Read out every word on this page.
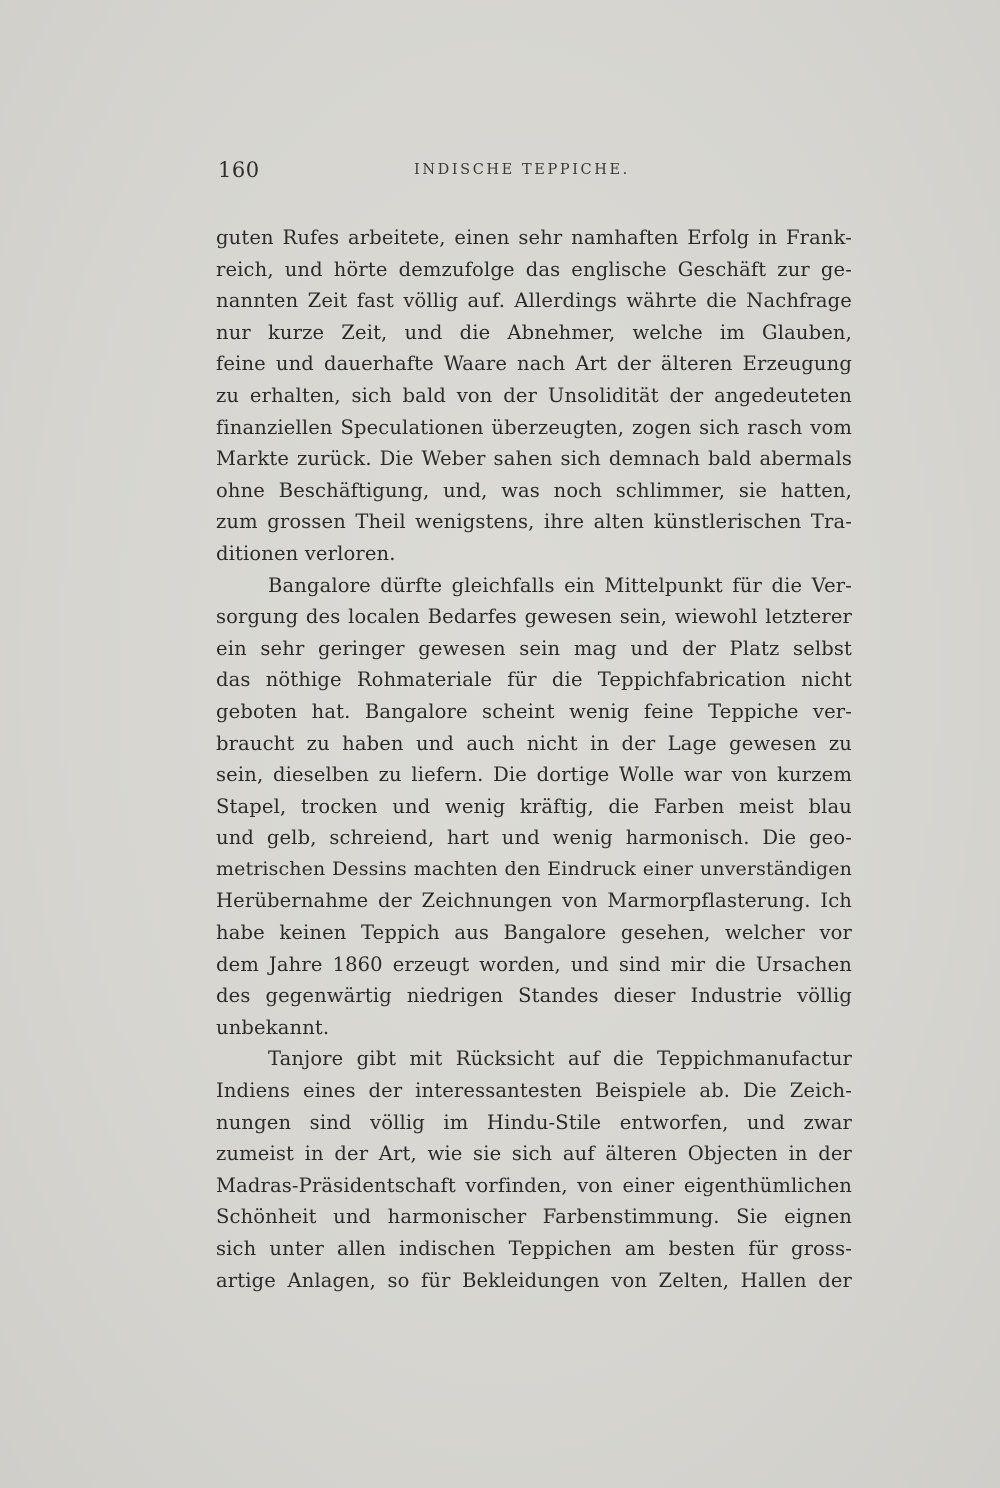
160	INDISCHE TEPPICHE.
guten Rufes arbeitete, einen sehr namhaften Erfolg in Frank-
reich, und hörte demzufolge das englische Geschäft zur ge-
nannten Zeit fast völlig auf. Allerdings währte die Nachfrage
nur kurze Zeit, und die Abnehmer, welche im Glauben,
feine und dauerhafte Waare nach Art der älteren Erzeugung
zu erhalten, sich bald von der Unsolidität der angedeuteten
finanziellen Speculationen überzeugten, zogen sich rasch vom
Markte zurück. Die Weber sahen sich demnach bald abermals
ohne Beschäftigung, und, was noch schlimmer, sie hatten,
zum grossen Theil wenigstens, ihre alten künstlerischen Tra-
ditionen verloren.
Bangalore dürfte gleichfalls ein Mittelpunkt für die Ver-
sorgung des localen Bedarfes gewesen sein, wiewohl letzterer
ein sehr geringer gewesen sein mag und der Platz selbst
das nöthige Rohmateriale für die Teppichfabrication nicht
geboten hat. Bangalore scheint wenig feine Teppiche ver-
braucht zu haben und auch nicht in der Lage gewesen zu
sein, dieselben zu liefern. Die dortige Wolle war von kurzem
Stapel, trocken und wenig kräftig, die Farben meist blau
und gelb, schreiend, hart und wenig harmonisch. Die geo-
metrischen Dessins machten den Eindruck einer unverständigen
Herübernahme der Zeichnungen von Marmorpflasterung. Ich
habe keinen Teppich aus Bangalore gesehen, welcher vor
dem Jahre 1860 erzeugt worden, und sind mir die Ursachen
des gegenwärtig niedrigen Standes dieser Industrie völlig
unbekannt.
Tanjore gibt mit Rücksicht auf die Teppichmanufactur
Indiens eines der interessantesten Beispiele ab. Die Zeich-
nungen sind völlig im Hindu-Stile entworfen, und zwar
zumeist in der Art, wie sie sich auf älteren Objecten in der
Madras-Präsidentschaft vorfinden, von einer eigenthümlichen
Schönheit und harmonischer Farbenstimmung. Sie eignen
sich unter allen indischen Teppichen am besten für gross-
artige Anlagen, so für Bekleidungen von Zelten, Hallen der
